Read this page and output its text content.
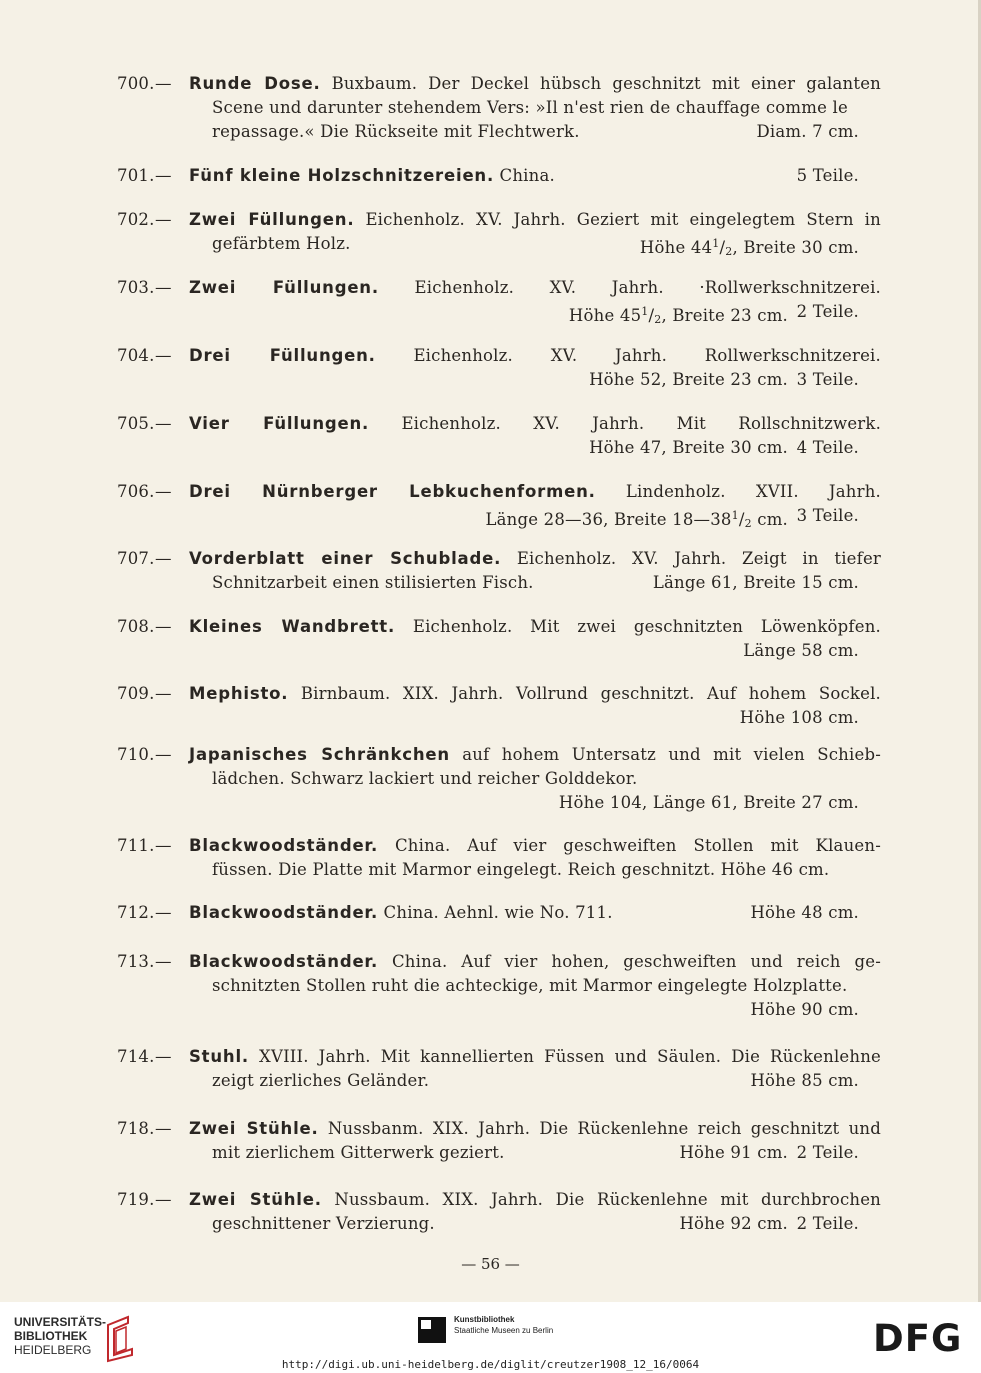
700.— Runde Dose. Buxbaum. Der Deckel hübsch geschnitzt mit einer galanten
Scene und darunter stehendem Vers: »Il n'est rien de chauffage comme le
repassage.« Die Rückseite mit Flechtwerk.	Diam. 7 cm.
701.— Fünf kleine Holzschnitzereien. China.	5 Teile.
702.— Zwei Füllungen. Eichenholz. XV. Jahrh. Geziert mit eingelegtem Stern in
gefärbtem Holz.	Höhe $44^1/2$, Breite 30 cm.
703.— Zwei Füllungen. Eichenholz. XV. Jahrh. ·Rollwerkschnitzerei.
Höhe $45^1/2$, Breite 23 cm. 2 Teile.
704.— Drei Füllungen. Eichenholz. XV. Jahrh. Rollwerkschnitzerei.
Höhe 52, Breite 23 cm. 3 Teile.
705.— Vier Füllungen. Eichenholz. XV. Jahrh. Mit Rollschnitzwerk.
Höhe 47, Breite 30 cm. 4 Teile.
706.— Drei Nürnberger Lebkuchenformen. Lindenholz. XVII. Jahrh.
Länge 28—36, Breite $18—38^1/2$ cm. 3 Teile.
707.— Vorderblatt einer Schublade. Eichenholz. XV. Jahrh. Zeigt in tiefer
Schnitzarbeit einen stilisierten Fisch.	Länge 61, Breite 15 cm.
708.— Kleines Wandbrett. Eichenholz. Mit zwei geschnitzten Löwenköpfen.
Länge 58 cm.
709.— Mephisto. Birnbaum. XIX. Jahrh. Vollrund geschnitzt. Auf hohem Sockel.
Höhe 108 cm.
710.— Japanisches Schränkchen auf hohem Untersatz und mit vielen Schieb-
lädchen. Schwarz lackiert und reicher Golddekor.
Höhe 104, Länge 61, Breite 27 cm.
711.— Blackwoodständer. China. Auf vier geschweiften Stollen mit Klauen-
füssen. Die Platte mit Marmor eingelegt. Reich geschnitzt. Höhe 46 cm.
712.— Blackwoodständer. China. Aehnl. wie No. 711.	Höhe 48 cm.
713.— Blackwoodständer. China. Auf vier hohen, geschweiften und reich ge-
schnitzten Stollen ruht die achteckige, mit Marmor eingelegte Holzplatte.
Höhe 90 cm.
714.— Stuhl. XVIII. Jahrh. Mit kannellierten Füssen und Säulen. Die Rückenlehne
zeigt zierliches Geländer.	Höhe 85 cm.
718.— Zwei Stühle. Nussbanm. XIX. Jahrh. Die Rückenlehne reich geschnitzt und
mit zierlichem Gitterwerk geziert.	Höhe 91 cm. 2 Teile.
719.— Zwei Stühle. Nussbaum. XIX. Jahrh. Die Rückenlehne mit durchbrochen
geschnittener Verzierung.	Höhe 92 cm. 2 Teile.
— 56 —
UNIVERSITÄTS-
BIBLIOTHEK
HEIDELBERG
Kunstbibliothek
Staatliche Museen zu Berlin	DFG
http://digi.ub.uni-heidelberg.de/diglit/creutzer1908_12_16/0064
